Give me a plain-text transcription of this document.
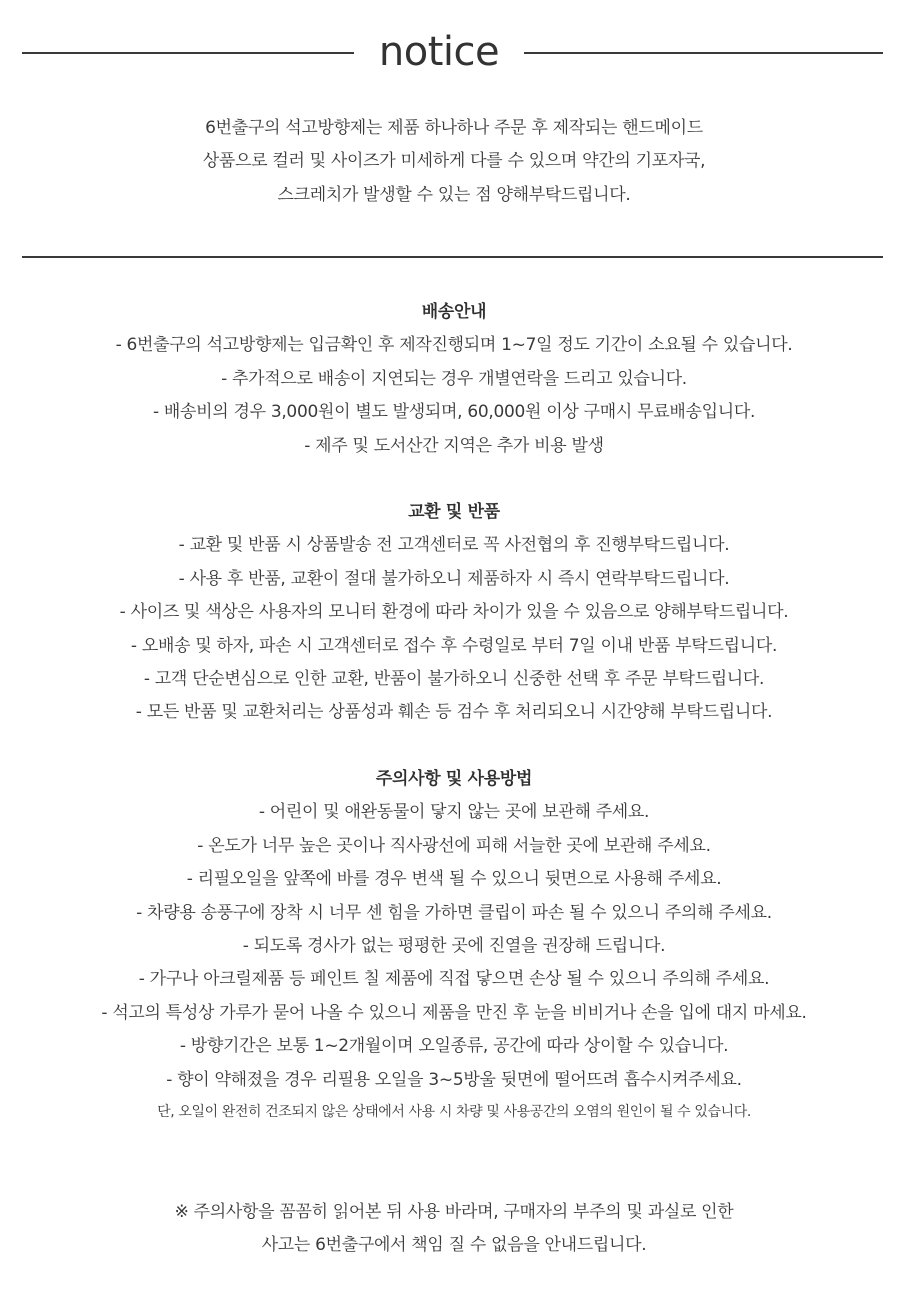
notice
6번출구의 석고방향제는 제품 하나하나 주문 후 제작되는 핸드메이드
상품으로 컬러 및 사이즈가 미세하게 다를 수 있으며 약간의 기포자국,
스크레치가 발생할 수 있는 점 양해부탁드립니다.
배송안내
- 6번출구의 석고방향제는 입금확인 후 제작진행되며 1~7일 정도 기간이 소요될 수 있습니다.
- 추가적으로 배송이 지연되는 경우 개별연락을 드리고 있습니다.
- 배송비의 경우 3,000원이 별도 발생되며, 60,000원 이상 구매시 무료배송입니다.
- 제주 및 도서산간 지역은 추가 비용 발생
교환 및 반품
- 교환 및 반품 시 상품발송 전 고객센터로 꼭 사전협의 후 진행부탁드립니다.
- 사용 후 반품, 교환이 절대 불가하오니 제품하자 시 즉시 연락부탁드립니다.
- 사이즈 및 색상은 사용자의 모니터 환경에 따라 차이가 있을 수 있음으로 양해부탁드립니다.
- 오배송 및 하자, 파손 시 고객센터로 접수 후 수령일로 부터 7일 이내 반품 부탁드립니다.
- 고객 단순변심으로 인한 교환, 반품이 불가하오니 신중한 선택 후 주문 부탁드립니다.
- 모든 반품 및 교환처리는 상품성과 훼손 등 검수 후 처리되오니 시간양해 부탁드립니다.
주의사항 및 사용방법
- 어린이 및 애완동물이 닿지 않는 곳에 보관해 주세요.
- 온도가 너무 높은 곳이나 직사광선에 피해 서늘한 곳에 보관해 주세요.
- 리필오일을 앞쪽에 바를 경우 변색 될 수 있으니 뒷면으로 사용해 주세요.
- 차량용 송풍구에 장착 시 너무 센 힘을 가하면 클립이 파손 될 수 있으니 주의해 주세요.
- 되도록 경사가 없는 평평한 곳에 진열을 권장해 드립니다.
- 가구나 아크릴제품 등 페인트 칠 제품에 직접 닿으면 손상 될 수 있으니 주의해 주세요.
- 석고의 특성상 가루가 묻어 나올 수 있으니 제품을 만진 후 눈을 비비거나 손을 입에 대지 마세요.
- 방향기간은 보통 1~2개월이며 오일종류, 공간에 따라 상이할 수 있습니다.
- 향이 약해졌을 경우 리필용 오일을 3~5방울 뒷면에 떨어뜨려 흡수시켜주세요.
단, 오일이 완전히 건조되지 않은 상태에서 사용 시 차량 및 사용공간의 오염의 원인이 될 수 있습니다.
※ 주의사항을 꼼꼼히 읽어본 뒤 사용 바라며, 구매자의 부주의 및 과실로 인한
사고는 6번출구에서 책임 질 수 없음을 안내드립니다.
